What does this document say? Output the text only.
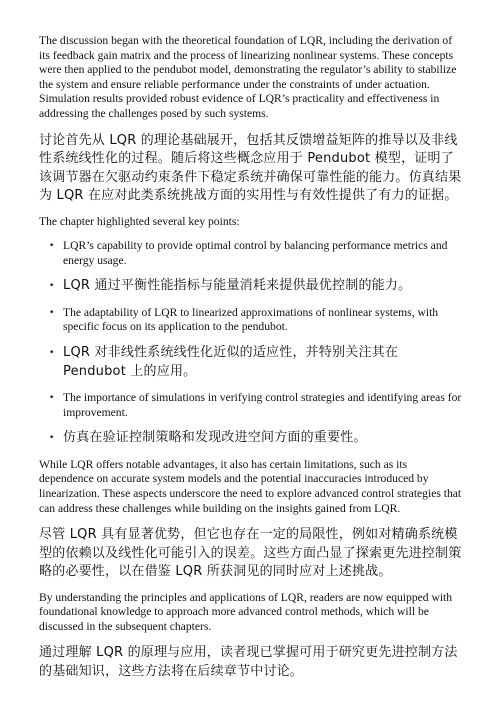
The discussion began with the theoretical foundation of LQR, including the derivation of its feedback gain matrix and the process of linearizing nonlinear systems. These concepts were then applied to the pendubot model, demonstrating the regulator’s ability to stabilize the system and ensure reliable performance under the constraints of under actuation. Simulation results provided robust evidence of LQR’s practicality and effectiveness in addressing the challenges posed by such systems.

讨论首先从 LQR 的理论基础展开，包括其反馈增益矩阵的推导以及非线性系统线性化的过程。随后将这些概念应用于 Pendubot 模型，证明了该调节器在欠驱动约束条件下稳定系统并确保可靠性能的能力。仿真结果为 LQR 在应对此类系统挑战方面的实用性与有效性提供了有力的证据。

The chapter highlighted several key points:

• LQR’s capability to provide optimal control by balancing performance metrics and energy usage.

• LQR 通过平衡性能指标与能量消耗来提供最优控制的能力。

• The adaptability of LQR to linearized approximations of nonlinear systems, with specific focus on its application to the pendubot.

• LQR 对非线性系统线性化近似的适应性，并特别关注其在 Pendubot 上的应用。

• The importance of simulations in verifying control strategies and identifying areas for improvement.

• 仿真在验证控制策略和发现改进空间方面的重要性。

While LQR offers notable advantages, it also has certain limitations, such as its dependence on accurate system models and the potential inaccuracies introduced by linearization. These aspects underscore the need to explore advanced control strategies that can address these challenges while building on the insights gained from LQR.

尽管 LQR 具有显著优势，但它也存在一定的局限性，例如对精确系统模型的依赖以及线性化可能引入的误差。这些方面凸显了探索更先进控制策略的必要性，以在借鉴 LQR 所获洞见的同时应对上述挑战。

By understanding the principles and applications of LQR, readers are now equipped with foundational knowledge to approach more advanced control methods, which will be discussed in the subsequent chapters.

通过理解 LQR 的原理与应用，读者现已掌握可用于研究更先进控制方法的基础知识，这些方法将在后续章节中讨论。
